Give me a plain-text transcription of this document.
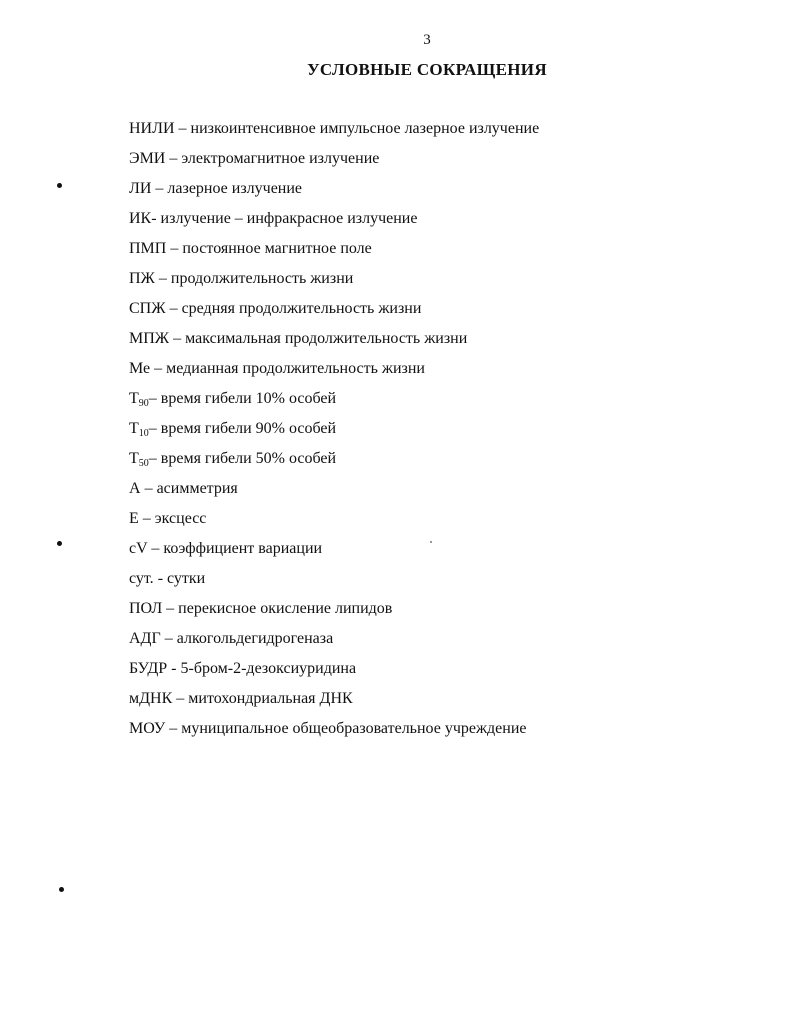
3
УСЛОВНЫЕ СОКРАЩЕНИЯ
НИЛИ – низкоинтенсивное импульсное лазерное излучение
ЭМИ – электромагнитное излучение
ЛИ – лазерное излучение
ИК- излучение – инфракрасное излучение
ПМП – постоянное магнитное поле
ПЖ – продолжительность жизни
СПЖ – средняя продолжительность жизни
МПЖ – максимальная продолжительность жизни
Ме – медианная продолжительность жизни
$Т_{90}-$ время гибели 10% особей
$Т_{10}-$ время гибели 90% особей
$Т_{50}-$ время гибели 50% особей
А – асимметрия
Е – эксцесс
cV – коэффициент вариации
сут. - сутки
ПОЛ – перекисное окисление липидов
АДГ – алкогольдегидрогеназа
БУДР - 5-бром-2-дезоксиуридина
мДНК – митохондриальная ДНК
МОУ – муниципальное общеобразовательное учреждение
